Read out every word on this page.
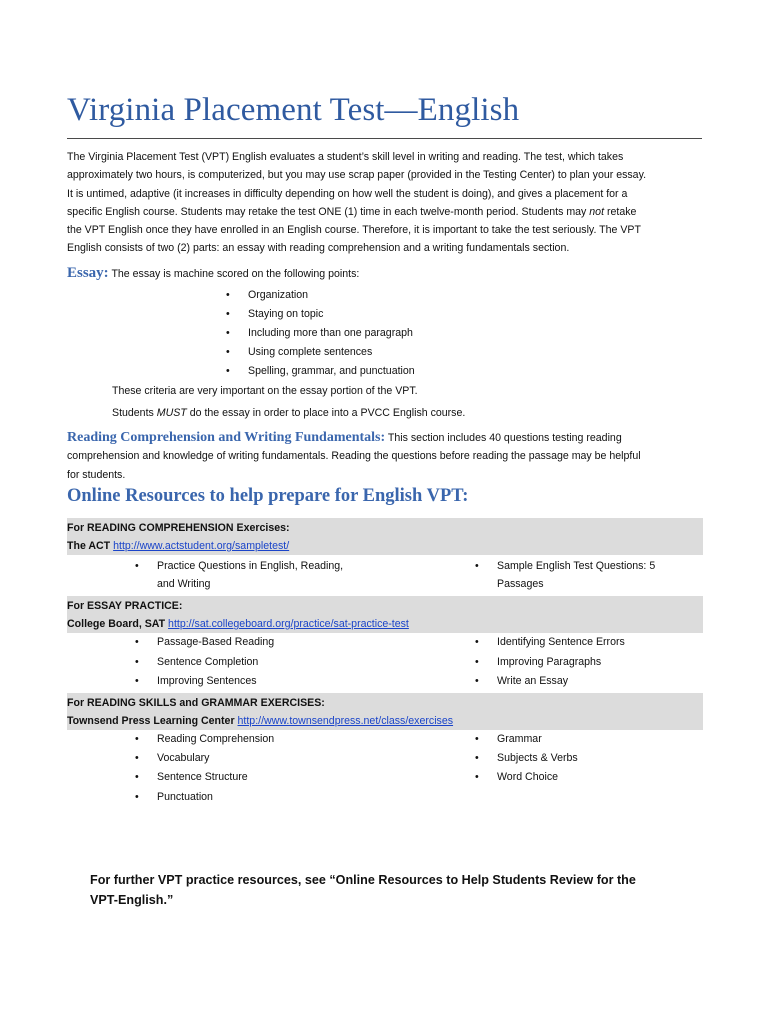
Virginia Placement Test—English
The Virginia Placement Test (VPT) English evaluates a student’s skill level in writing and reading. The test, which takes
approximately two hours, is computerized, but you may use scrap paper (provided in the Testing Center) to plan your essay.
It is untimed, adaptive (it increases in difficulty depending on how well the student is doing), and gives a placement for a
specific English course. Students may retake the test ONE (1) time in each twelve-month period. Students may not retake
the VPT English once they have enrolled in an English course. Therefore, it is important to take the test seriously. The VPT
English consists of two (2) parts: an essay with reading comprehension and a writing fundamentals section.
Essay: The essay is machine scored on the following points:
• Organization
• Staying on topic
• Including more than one paragraph
• Using complete sentences
• Spelling, grammar, and punctuation
These criteria are very important on the essay portion of the VPT.
Students MUST do the essay in order to place into a PVCC English course.
Reading Comprehension and Writing Fundamentals: This section includes 40 questions testing reading
comprehension and knowledge of writing fundamentals. Reading the questions before reading the passage may be helpful
for students.
Online Resources to help prepare for English VPT:
For READING COMPREHENSION Exercises:
The ACT http://www.actstudent.org/sampletest/
• Practice Questions in English, Reading,
and Writing
• Sample English Test Questions: 5
Passages
For ESSAY PRACTICE:
College Board, SAT http://sat.collegeboard.org/practice/sat-practice-test
• Passage-Based Reading
• Sentence Completion
• Improving Sentences
• Identifying Sentence Errors
• Improving Paragraphs
• Write an Essay
For READING SKILLS and GRAMMAR EXERCISES:
Townsend Press Learning Center http://www.townsendpress.net/class/exercises
• Reading Comprehension
• Vocabulary
• Sentence Structure
• Punctuation
• Grammar
• Subjects & Verbs
• Word Choice
For further VPT practice resources, see “Online Resources to Help Students Review for the
VPT-English.”
